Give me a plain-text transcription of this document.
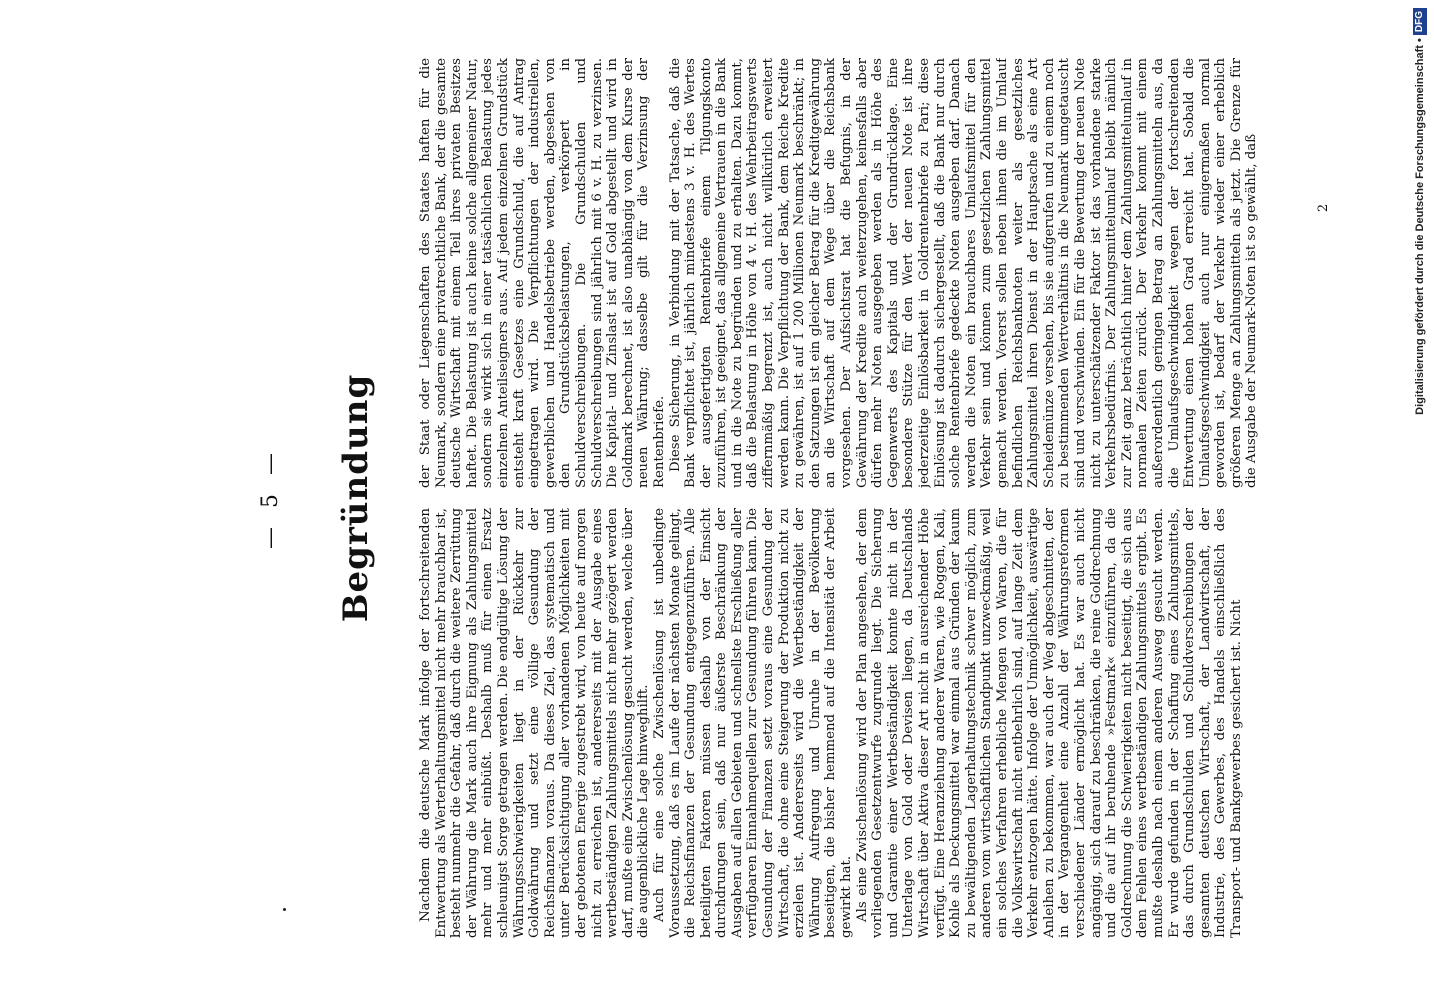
— 5 —	Begründung

Nachdem die deutsche Mark infolge der fortschreitenden Entwertung als Werterhaltungsmittel nicht mehr brauchbar ist, besteht nunmehr die Gefahr, daß durch die weitere Zerrüttung der Währung die Mark auch ihre Eignung als Zahlungsmittel mehr und mehr einbüßt. Deshalb muß für einen Ersatz schleunigst Sorge getragen werden. Die endgültige Lösung der Währungsschwierigkeiten liegt in der Rückkehr zur Goldwährung und setzt eine völlige Gesundung der Reichsfinanzen voraus. Da dieses Ziel, das systematisch und unter Berücksichtigung aller vorhandenen Möglichkeiten mit der gebotenen Energie zugestrebt wird, von heute auf morgen nicht zu erreichen ist, andererseits mit der Ausgabe eines wertbeständigen Zahlungsmittels nicht mehr gezögert werden darf, mußte eine Zwischenlösung gesucht werden, welche über die augenblickliche Lage hinweghilft. Auch für eine solche Zwischenlösung ist unbedingte Voraussetzung, daß es im Laufe der nächsten Monate gelingt, die Reichsfinanzen der Gesundung entgegenzuführen. Alle beteiligten Faktoren müssen deshalb von der Einsicht durchdrungen sein, daß nur äußerste Beschränkung der Ausgaben auf allen Gebieten und schnellste Erschließung aller verfügbaren Einnahmequellen zur Gesundung führen kann. Die Gesundung der Finanzen setzt voraus eine Gesundung der Wirtschaft, die ohne eine Steigerung der Produktion nicht zu erzielen ist. Andererseits wird die Wertbeständigkeit der Währung Aufregung und Unruhe in der Bevölkerung beseitigen, die bisher hemmend auf die Intensität der Arbeit gewirkt hat. Als eine Zwischenlösung wird der Plan angesehen, der dem vorliegenden Gesetzentwurfe zugrunde liegt. Die Sicherung und Garantie einer Wertbeständigkeit konnte nicht in der Unterlage von Gold oder Devisen liegen, da Deutschlands Wirtschaft über Aktiva dieser Art nicht in ausreichender Höhe verfügt. Eine Heranziehung anderer Waren, wie Roggen, Kali, Kohle als Deckungsmittel war einmal aus Gründen der kaum zu bewältigenden Lagerhaltungstechnik schwer möglich, zum anderen vom wirtschaftlichen Standpunkt unzweckmäßig, weil ein solches Verfahren erhebliche Mengen von Waren, die für die Volkswirtschaft nicht entbehrlich sind, auf lange Zeit dem Verkehr entzogen hätte. Infolge der Unmöglichkeit, auswärtige Anleihen zu bekommen, war auch der Weg abgeschnitten, der in der Vergangenheit eine Anzahl der Währungsreformen verschiedener Länder ermöglicht hat. Es war auch nicht angängig, sich darauf zu beschränken, die reine Goldrechnung und die auf ihr beruhende »Festmark« einzuführen, da die Goldrechnung die Schwierigkeiten nicht beseitigt, die sich aus dem Fehlen eines wertbeständigen Zahlungsmittels ergibt. Es mußte deshalb nach einem anderen Ausweg gesucht werden. Er wurde gefunden in der Schaffung eines Zahlungsmittels, das durch Grundschulden und Schuldverschreibungen der gesamten deutschen Wirtschaft, der Landwirtschaft, der Industrie, des Gewerbes, des Handels einschließlich des Transport- und Bankgewerbes gesichert ist. Nicht

der Staat oder Liegenschaften des Staates haften für die Neumark, sondern eine privatrechtliche Bank, der die gesamte deutsche Wirtschaft mit einem Teil ihres privaten Besitzes haftet. Die Belastung ist auch keine solche allgemeiner Natur, sondern sie wirkt sich in einer tatsächlichen Belastung jedes einzelnen Anteilseigners aus. Auf jedem einzelnen Grundstück entsteht kraft Gesetzes eine Grundschuld, die auf Antrag eingetragen wird. Die Verpflichtungen der industriellen, gewerblichen und Handelsbetriebe werden, abgesehen von den Grundstücksbelastungen, verkörpert in Schuldverschreibungen. Die Grundschulden und Schuldverschreibungen sind jährlich mit 6 v. H. zu verzinsen. Die Kapital- und Zinslast ist auf Gold abgestellt und wird in Goldmark berechnet, ist also unabhängig von dem Kurse der neuen Währung; dasselbe gilt für die Verzinsung der Rentenbriefe. Diese Sicherung, in Verbindung mit der Tatsache, daß die Bank verpflichtet ist, jährlich mindestens 3 v. H. des Wertes der ausgefertigten Rentenbriefe einem Tilgungskonto zuzuführen, ist geeignet, das allgemeine Vertrauen in die Bank und in die Note zu begründen und zu erhalten. Dazu kommt, daß die Belastung in Höhe von 4 v. H. des Wehrbeitragswerts ziffernmäßig begrenzt ist, auch nicht willkürlich erweitert werden kann. Die Verpflichtung der Bank, dem Reiche Kredite zu gewähren, ist auf 1 200 Millionen Neumark beschränkt; in den Satzungen ist ein gleicher Betrag für die Kreditgewährung an die Wirtschaft auf dem Wege über die Reichsbank vorgesehen. Der Aufsichtsrat hat die Befugnis, in der Gewährung der Kredite auch weiterzugehen, keinesfalls aber dürfen mehr Noten ausgegeben werden als in Höhe des Gegenwerts des Kapitals und der Grundrücklage. Eine besondere Stütze für den Wert der neuen Note ist ihre jederzeitige Einlösbarkeit in Goldrentenbriefe zu Pari; diese Einlösung ist dadurch sichergestellt, daß die Bank nur durch solche Rentenbriefe gedeckte Noten ausgeben darf. Danach werden die Noten ein brauchbares Umlaufsmittel für den Verkehr sein und können zum gesetzlichen Zahlungsmittel gemacht werden. Vorerst sollen neben ihnen die im Umlauf befindlichen Reichsbanknoten weiter als gesetzliches Zahlungsmittel ihren Dienst in der Hauptsache als eine Art Scheidemünze versehen, bis sie aufgerufen und zu einem noch zu bestimmenden Wertverhältnis in die Neumark umgetauscht sind und verschwinden. Ein für die Bewertung der neuen Note nicht zu unterschätzender Faktor ist das vorhandene starke Verkehrsbedürfnis. Der Zahlungsmittelumlauf bleibt nämlich zur Zeit ganz beträchtlich hinter dem Zahlungsmittelumlauf in normalen Zeiten zurück. Der Verkehr kommt mit einem außerordentlich geringen Betrag an Zahlungsmitteln aus, da die Umlaufsgeschwindigkeit wegen der fortschreitenden Entwertung einen hohen Grad erreicht hat. Sobald die Umlaufsgeschwindigkeit auch nur einigermaßen normal geworden ist, bedarf der Verkehr wieder einer erheblich größeren Menge an Zahlungsmitteln als jetzt. Die Grenze für die Ausgabe der Neumark-Noten ist so gewählt, daß	2	Digitalisierung gefördert durch die Deutsche Forschungsgemeinschaft •DFG
